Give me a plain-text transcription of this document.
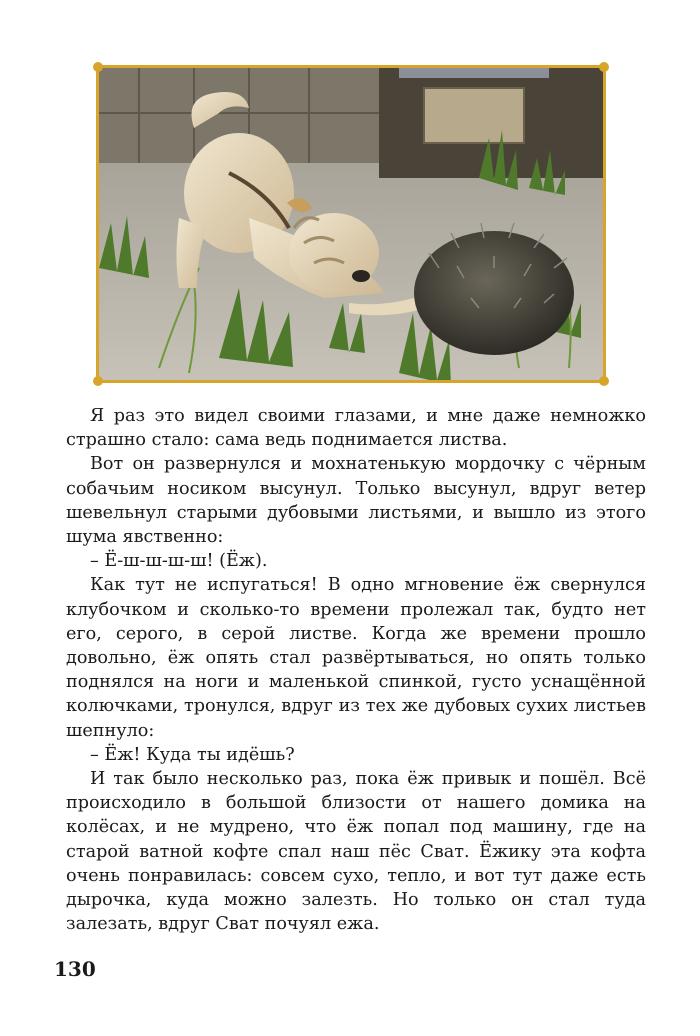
Я раз это видел своими глазами, и мне даже немножко страшно стало: сама ведь поднимается листва.

Вот он развернулся и мохнатенькую мордочку с чёрным собачьим носиком высунул. Только высунул, вдруг ветер шевельнул старыми дубовыми листьями, и вышло из этого шума явственно:

– Ё-ш-ш-ш-ш! (Ёж).

Как тут не испугаться! В одно мгновение ёж свернулся клубочком и сколько-то времени пролежал так, будто нет его, серого, в серой листве. Когда же времени прошло довольно, ёж опять стал развёртываться, но опять только поднялся на ноги и маленькой спинкой, густо уснащённой колючками, тронулся, вдруг из тех же дубовых сухих листьев шепнуло:

– Ёж! Куда ты идёшь?

И так было несколько раз, пока ёж привык и пошёл. Всё происходило в большой близости от нашего домика на колёсах, и не мудрено, что ёж попал под машину, где на старой ватной кофте спал наш пёс Сват. Ёжику эта кофта очень понравилась: совсем сухо, тепло, и вот тут даже есть дырочка, куда можно залезть. Но только он стал туда залезать, вдруг Сват почуял ежа.

130
